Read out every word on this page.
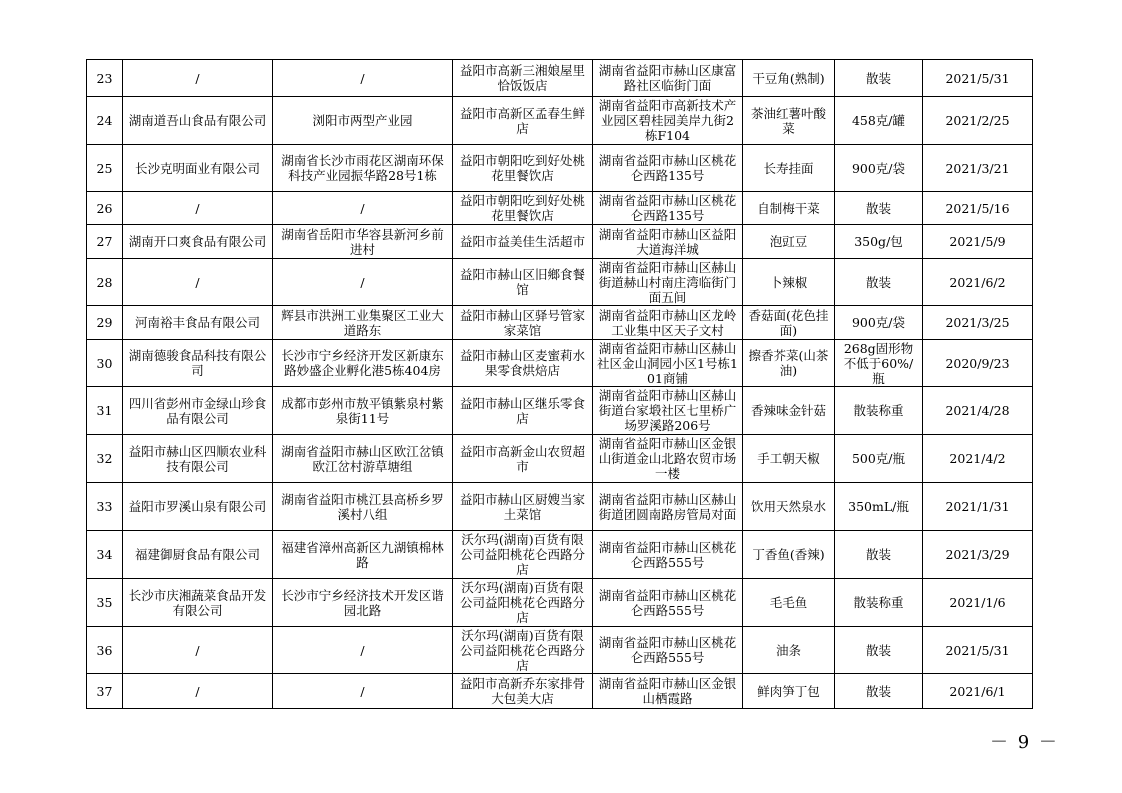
23	/	/	益阳市高新三湘娘屋里恰饭饭店	湖南省益阳市赫山区康富路社区临街门面	干豆角(熟制)	散装	2021/5/31
24	湖南道吾山食品有限公司	浏阳市两型产业园	益阳市高新区孟春生鲜店	湖南省益阳市高新技术产业园区碧桂园美岸九街2栋F104	茶油红薯叶酸菜	458克/罐	2021/2/25
25	长沙克明面业有限公司	湖南省长沙市雨花区湖南环保科技产业园振华路28号1栋	益阳市朝阳吃到好处桃花里餐饮店	湖南省益阳市赫山区桃花仑西路135号	长寿挂面	900克/袋	2021/3/21
26	/	/	益阳市朝阳吃到好处桃花里餐饮店	湖南省益阳市赫山区桃花仑西路135号	自制梅干菜	散装	2021/5/16
27	湖南开口爽食品有限公司	湖南省岳阳市华容县新河乡前进村	益阳市益美佳生活超市	湖南省益阳市赫山区益阳大道海洋城	泡豇豆	350g/包	2021/5/9
28	/	/	益阳市赫山区旧鄉食餐馆	湖南省益阳市赫山区赫山街道赫山村南庄湾临街门面五间	卜辣椒	散装	2021/6/2
29	河南裕丰食品有限公司	辉县市洪洲工业集聚区工业大道路东	益阳市赫山区驿号管家家菜馆	湖南省益阳市赫山区龙岭工业集中区天子文村	香菇面(花色挂面)	900克/袋	2021/3/25
30	湖南德骏食品科技有限公司	长沙市宁乡经济开发区新康东路妙盛企业孵化港5栋404房	益阳市赫山区麦蜜莉水果零食烘焙店	湖南省益阳市赫山区赫山社区金山洞园小区1号栋101商铺	擦香芥菜(山茶油)	268g固形物不低于60%/瓶	2020/9/23
31	四川省彭州市金绿山珍食品有限公司	成都市彭州市敖平镇紫泉村紫泉街11号	益阳市赫山区继乐零食店	湖南省益阳市赫山区赫山街道台家塅社区七里桥广场罗溪路206号	香辣味金针菇	散装称重	2021/4/28
32	益阳市赫山区四顺农业科技有限公司	湖南省益阳市赫山区欧江岔镇欧江岔村游草塘组	益阳市高新金山农贸超市	湖南省益阳市赫山区金银山街道金山北路农贸市场一楼	手工朝天椒	500克/瓶	2021/4/2
33	益阳市罗溪山泉有限公司	湖南省益阳市桃江县高桥乡罗溪村八组	益阳市赫山区厨嫂当家土菜馆	湖南省益阳市赫山区赫山街道团圆南路房管局对面	饮用天然泉水	350mL/瓶	2021/1/31
34	福建御厨食品有限公司	福建省漳州高新区九湖镇棉林路	沃尔玛(湖南)百货有限公司益阳桃花仑西路分店	湖南省益阳市赫山区桃花仑西路555号	丁香鱼(香辣)	散装	2021/3/29
35	长沙市庆湘蔬菜食品开发有限公司	长沙市宁乡经济技术开发区谐园北路	沃尔玛(湖南)百货有限公司益阳桃花仑西路分店	湖南省益阳市赫山区桃花仑西路555号	毛毛鱼	散装称重	2021/1/6
36	/	/	沃尔玛(湖南)百货有限公司益阳桃花仑西路分店	湖南省益阳市赫山区桃花仑西路555号	油条	散装	2021/5/31
37	/	/	益阳市高新乔东家排骨大包美大店	湖南省益阳市赫山区金银山栖霞路	鲜肉笋丁包	散装	2021/6/1
－ 9 －
